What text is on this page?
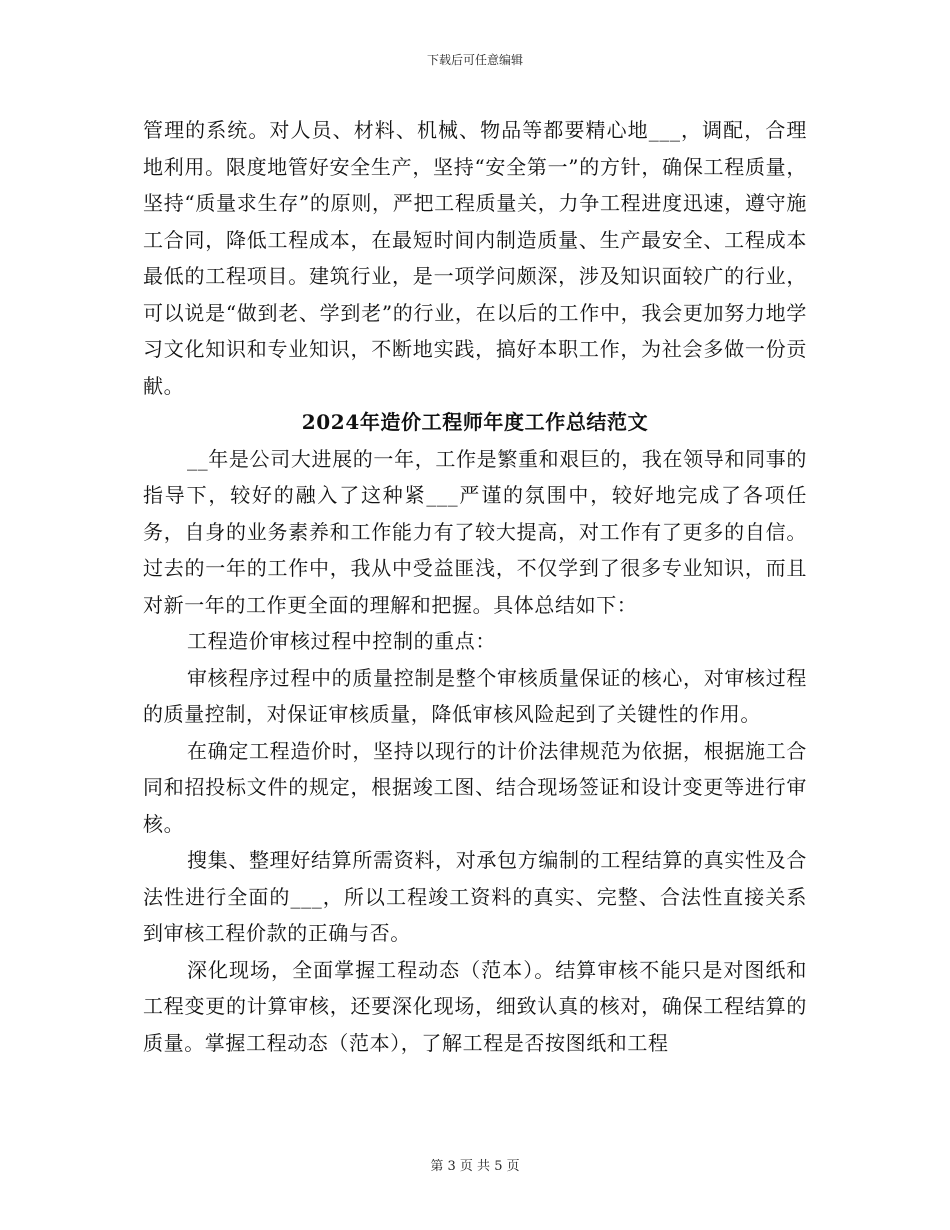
下载后可任意编辑

管理的系统。对人员、材料、机械、物品等都要精心地___，调配，合理地利用。限度地管好安全生产，坚持“安全第一”的方针，确保工程质量，坚持“质量求生存”的原则，严把工程质量关，力争工程进度迅速，遵守施工合同，降低工程成本，在最短时间内制造质量、生产最安全、工程成本最低的工程项目。建筑行业，是一项学问颇深，涉及知识面较广的行业，可以说是“做到老、学到老”的行业，在以后的工作中，我会更加努力地学习文化知识和专业知识，不断地实践，搞好本职工作，为社会多做一份贡献。

2024年造价工程师年度工作总结范文

__年是公司大进展的一年，工作是繁重和艰巨的，我在领导和同事的指导下，较好的融入了这种紧___严谨的氛围中，较好地完成了各项任务，自身的业务素养和工作能力有了较大提高，对工作有了更多的自信。过去的一年的工作中，我从中受益匪浅，不仅学到了很多专业知识，而且对新一年的工作更全面的理解和把握。具体总结如下：

工程造价审核过程中控制的重点：

审核程序过程中的质量控制是整个审核质量保证的核心，对审核过程的质量控制，对保证审核质量，降低审核风险起到了关键性的作用。

在确定工程造价时，坚持以现行的计价法律规范为依据，根据施工合同和招投标文件的规定，根据竣工图、结合现场签证和设计变更等进行审核。

搜集、整理好结算所需资料，对承包方编制的工程结算的真实性及合法性进行全面的___，所以工程竣工资料的真实、完整、合法性直接关系到审核工程价款的正确与否。

深化现场，全面掌握工程动态（范本）。结算审核不能只是对图纸和工程变更的计算审核，还要深化现场，细致认真的核对，确保工程结算的质量。掌握工程动态（范本），了解工程是否按图纸和工程

第 3 页 共 5 页
